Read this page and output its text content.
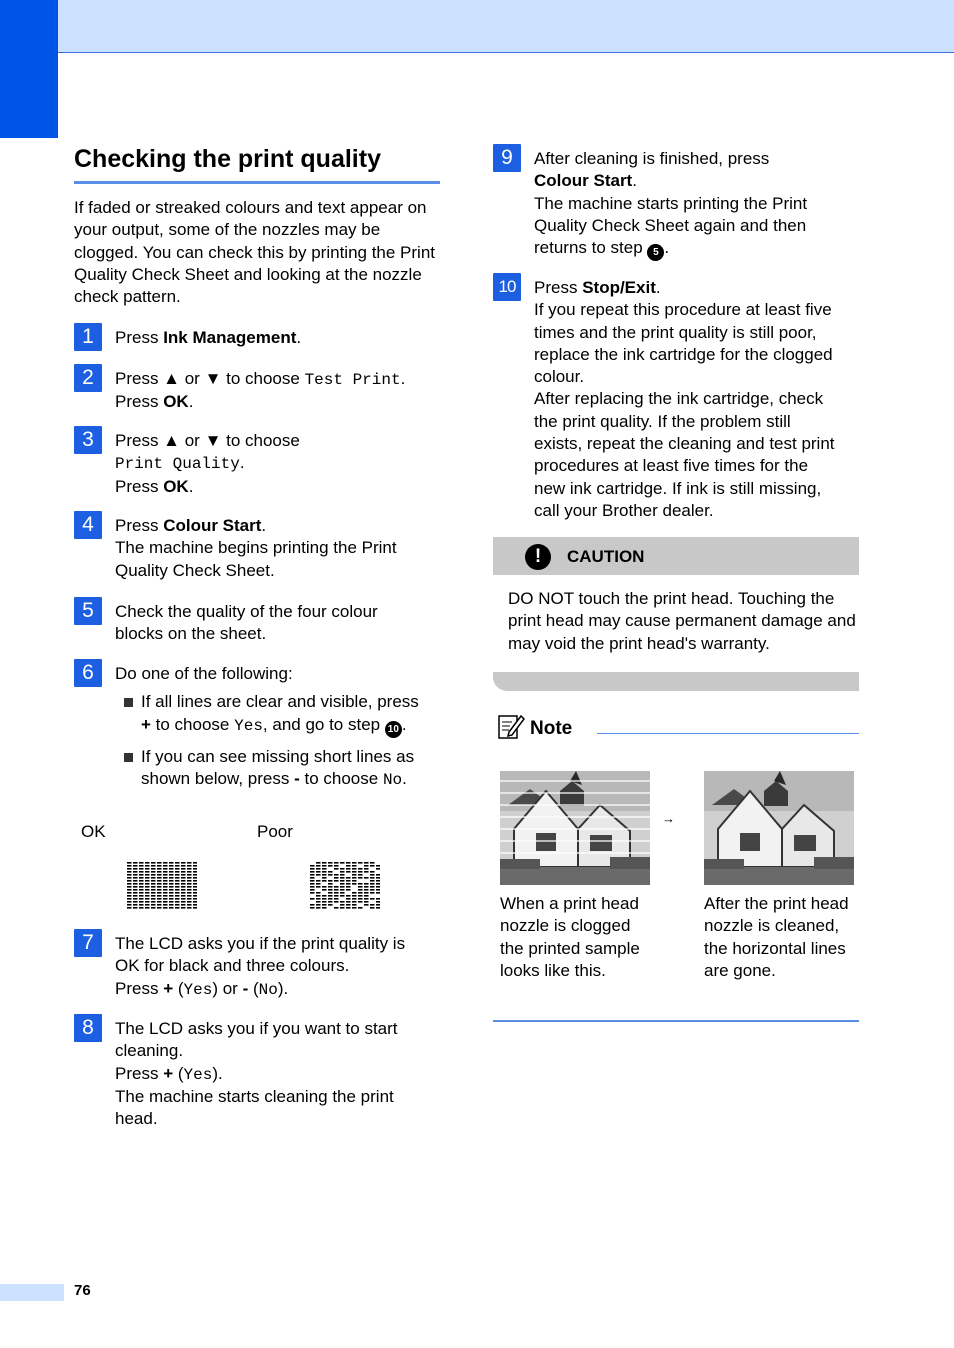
Checking the print quality
If faded or streaked colours and text appear on your output, some of the nozzles may be clogged. You can check this by printing the Print Quality Check Sheet and looking at the nozzle check pattern.
1	Press Ink Management.
2	Press ▲ or ▼ to choose Test Print.
Press OK.
3	Press ▲ or ▼ to choose
Print Quality.
Press OK.
4	Press Colour Start.
The machine begins printing the Print
Quality Check Sheet.
5	Check the quality of the four colour
blocks on the sheet.
6	Do one of the following:
If all lines are clear and visible, press
+ to choose Yes, and go to step 10 .
If you can see missing short lines as
shown below, press - to choose No.
OK	Poor
7	The LCD asks you if the print quality is
OK for black and three colours.
Press + (Yes) or - (No).
8	The LCD asks you if you want to start
cleaning.
Press + (Yes).
The machine starts cleaning the print
head.
9	After cleaning is finished, press
Colour Start.
The machine starts printing the Print
Quality Check Sheet again and then
returns to step 5 .
10	Press Stop/Exit.
If you repeat this procedure at least five
times and the print quality is still poor,
replace the ink cartridge for the clogged
colour.
After replacing the ink cartridge, check
the print quality. If the problem still
exists, repeat the cleaning and test print
procedures at least five times for the
new ink cartridge. If ink is still missing,
call your Brother dealer.
!	CAUTION
DO NOT touch the print head. Touching the print head may cause permanent damage and may void the print head's warranty.
Note
→
When a print head nozzle is clogged the printed sample looks like this.
After the print head nozzle is cleaned, the horizontal lines are gone.
76
